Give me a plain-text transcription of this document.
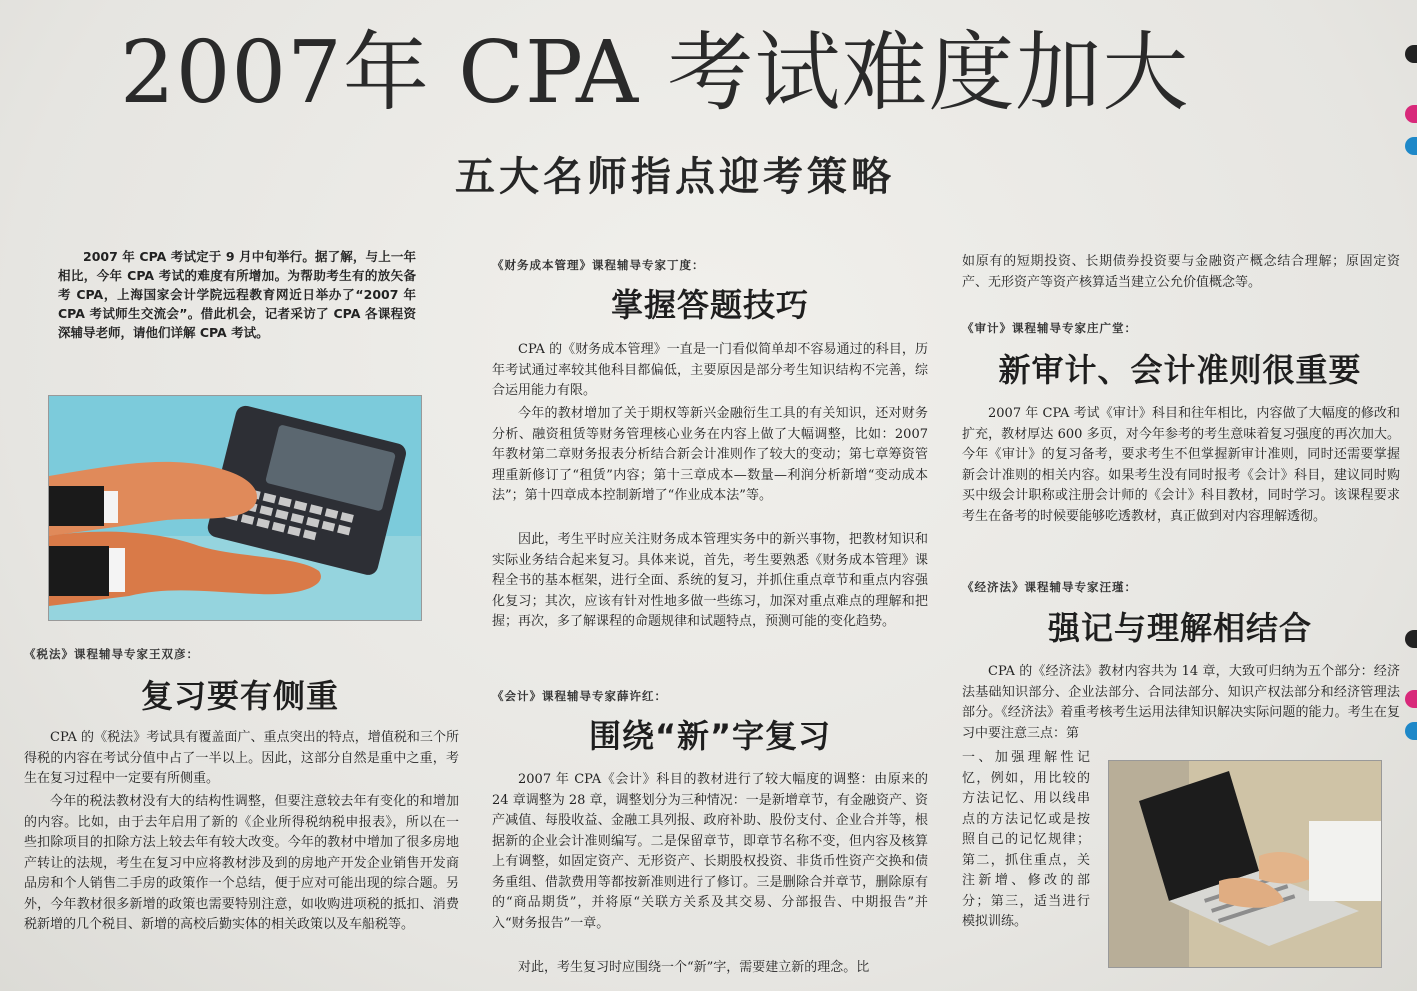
2007年 CPA 考试难度加大
五大名师指点迎考策略

2007 年 CPA 考试定于 9 月中旬举行。据了解，与上一年相比，今年 CPA 考试的难度有所增加。为帮助考生有的放矢备考 CPA，上海国家会计学院远程教育网近日举办了“2007 年 CPA 考试师生交流会”。借此机会，记者采访了 CPA 各课程资深辅导老师，请他们详解 CPA 考试。

《税法》课程辅导专家王双彦：
复习要有侧重

CPA 的《税法》考试具有覆盖面广、重点突出的特点，增值税和三个所得税的内容在考试分值中占了一半以上。因此，这部分自然是重中之重，考生在复习过程中一定要有所侧重。

今年的税法教材没有大的结构性调整，但要注意较去年有变化的和增加的内容。比如，由于去年启用了新的《企业所得税纳税申报表》，所以在一些扣除项目的扣除方法上较去年有较大改变。今年的教材中增加了很多房地产转让的法规，考生在复习中应将教材涉及到的房地产开发企业销售开发商品房和个人销售二手房的政策作一个总结，便于应对可能出现的综合题。另外，今年教材很多新增的政策也需要特别注意，如收购进项税的抵扣、消费税新增的几个税目、新增的高校后勤实体的相关政策以及车船税等。

《财务成本管理》课程辅导专家丁度：
掌握答题技巧

CPA 的《财务成本管理》一直是一门看似简单却不容易通过的科目，历年考试通过率较其他科目都偏低，主要原因是部分考生知识结构不完善，综合运用能力有限。

今年的教材增加了关于期权等新兴金融衍生工具的有关知识，还对财务分析、融资租赁等财务管理核心业务在内容上做了大幅调整，比如：2007 年教材第二章财务报表分析结合新会计准则作了较大的变动；第七章筹资管理重新修订了“租赁”内容；第十三章成本—数量—利润分析新增“变动成本法”；第十四章成本控制新增了“作业成本法”等。

因此，考生平时应关注财务成本管理实务中的新兴事物，把教材知识和实际业务结合起来复习。具体来说，首先，考生要熟悉《财务成本管理》课程全书的基本框架，进行全面、系统的复习，并抓住重点章节和重点内容强化复习；其次，应该有针对性地多做一些练习，加深对重点难点的理解和把握；再次，多了解课程的命题规律和试题特点，预测可能的变化趋势。

《会计》课程辅导专家薛许红：
围绕“新”字复习

2007 年 CPA《会计》科目的教材进行了较大幅度的调整：由原来的 24 章调整为 28 章，调整划分为三种情况：一是新增章节，有金融资产、资产减值、每股收益、金融工具列报、政府补助、股份支付、企业合并等，根据新的企业会计准则编写。二是保留章节，即章节名称不变，但内容及核算上有调整，如固定资产、无形资产、长期股权投资、非货币性资产交换和债务重组、借款费用等都按新准则进行了修订。三是删除合并章节，删除原有的“商品期货”，并将原“关联方关系及其交易、分部报告、中期报告”并入“财务报告”一章。

对此，考生复习时应围绕一个“新”字，需要建立新的理念。比

如原有的短期投资、长期债券投资要与金融资产概念结合理解；原固定资产、无形资产等资产核算适当建立公允价值概念等。

《审计》课程辅导专家庄广堂：
新审计、会计准则很重要

2007 年 CPA 考试《审计》科目和往年相比，内容做了大幅度的修改和扩充，教材厚达 600 多页，对今年参考的考生意味着复习强度的再次加大。今年《审计》的复习备考，要求考生不但掌握新审计准则，同时还需要掌握新会计准则的相关内容。如果考生没有同时报考《会计》科目，建议同时购买中级会计职称或注册会计师的《会计》科目教材，同时学习。该课程要求考生在备考的时候要能够吃透教材，真正做到对内容理解透彻。

《经济法》课程辅导专家汪瑾：
强记与理解相结合

CPA 的《经济法》教材内容共为 14 章，大致可归纳为五个部分：经济法基础知识部分、企业法部分、合同法部分、知识产权法部分和经济管理法部分。《经济法》着重考核考生运用法律知识解决实际问题的能力。考生在复习中要注意三点：第

一、加强理解性记忆，例如，用比较的方法记忆、用以线串点的方法记忆或是按照自己的记忆规律；第二，抓住重点，关注新增、修改的部分；第三，适当进行模拟训练。
